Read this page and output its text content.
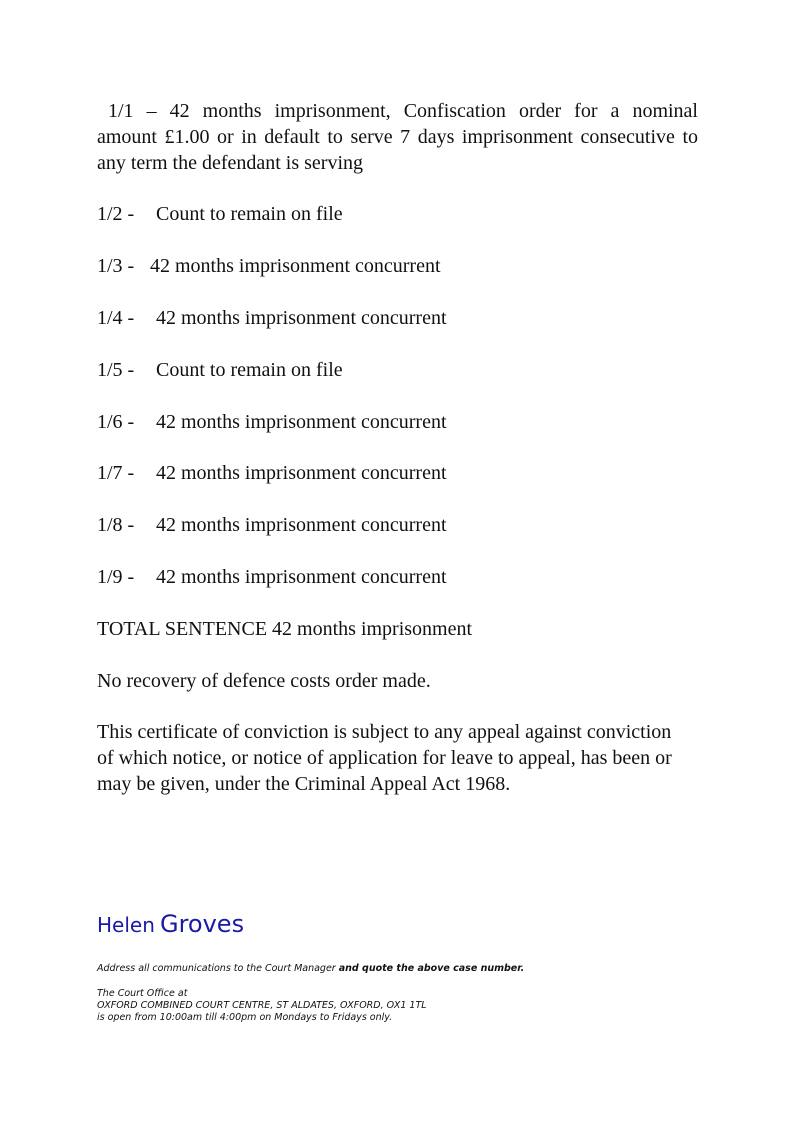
1/1 – 42 months imprisonment, Confiscation order for a nominal
amount £1.00 or in default to serve 7 days imprisonment consecutive to
any term the defendant is serving
1/2 - Count to remain on file
1/3 - 42 months imprisonment concurrent
1/4 - 42 months imprisonment concurrent
1/5 - Count to remain on file
1/6 - 42 months imprisonment concurrent
1/7 - 42 months imprisonment concurrent
1/8 - 42 months imprisonment concurrent
1/9 - 42 months imprisonment concurrent
TOTAL SENTENCE 42 months imprisonment
No recovery of defence costs order made.
This certificate of conviction is subject to any appeal against conviction
of which notice, or notice of application for leave to appeal, has been or
may be given, under the Criminal Appeal Act 1968.
Helen Groves
Address all communications to the Court Manager and quote the above case number.
The Court Office at
OXFORD COMBINED COURT CENTRE, ST ALDATES, OXFORD, OX1 1TL
is open from 10:00am till 4:00pm on Mondays to Fridays only.
